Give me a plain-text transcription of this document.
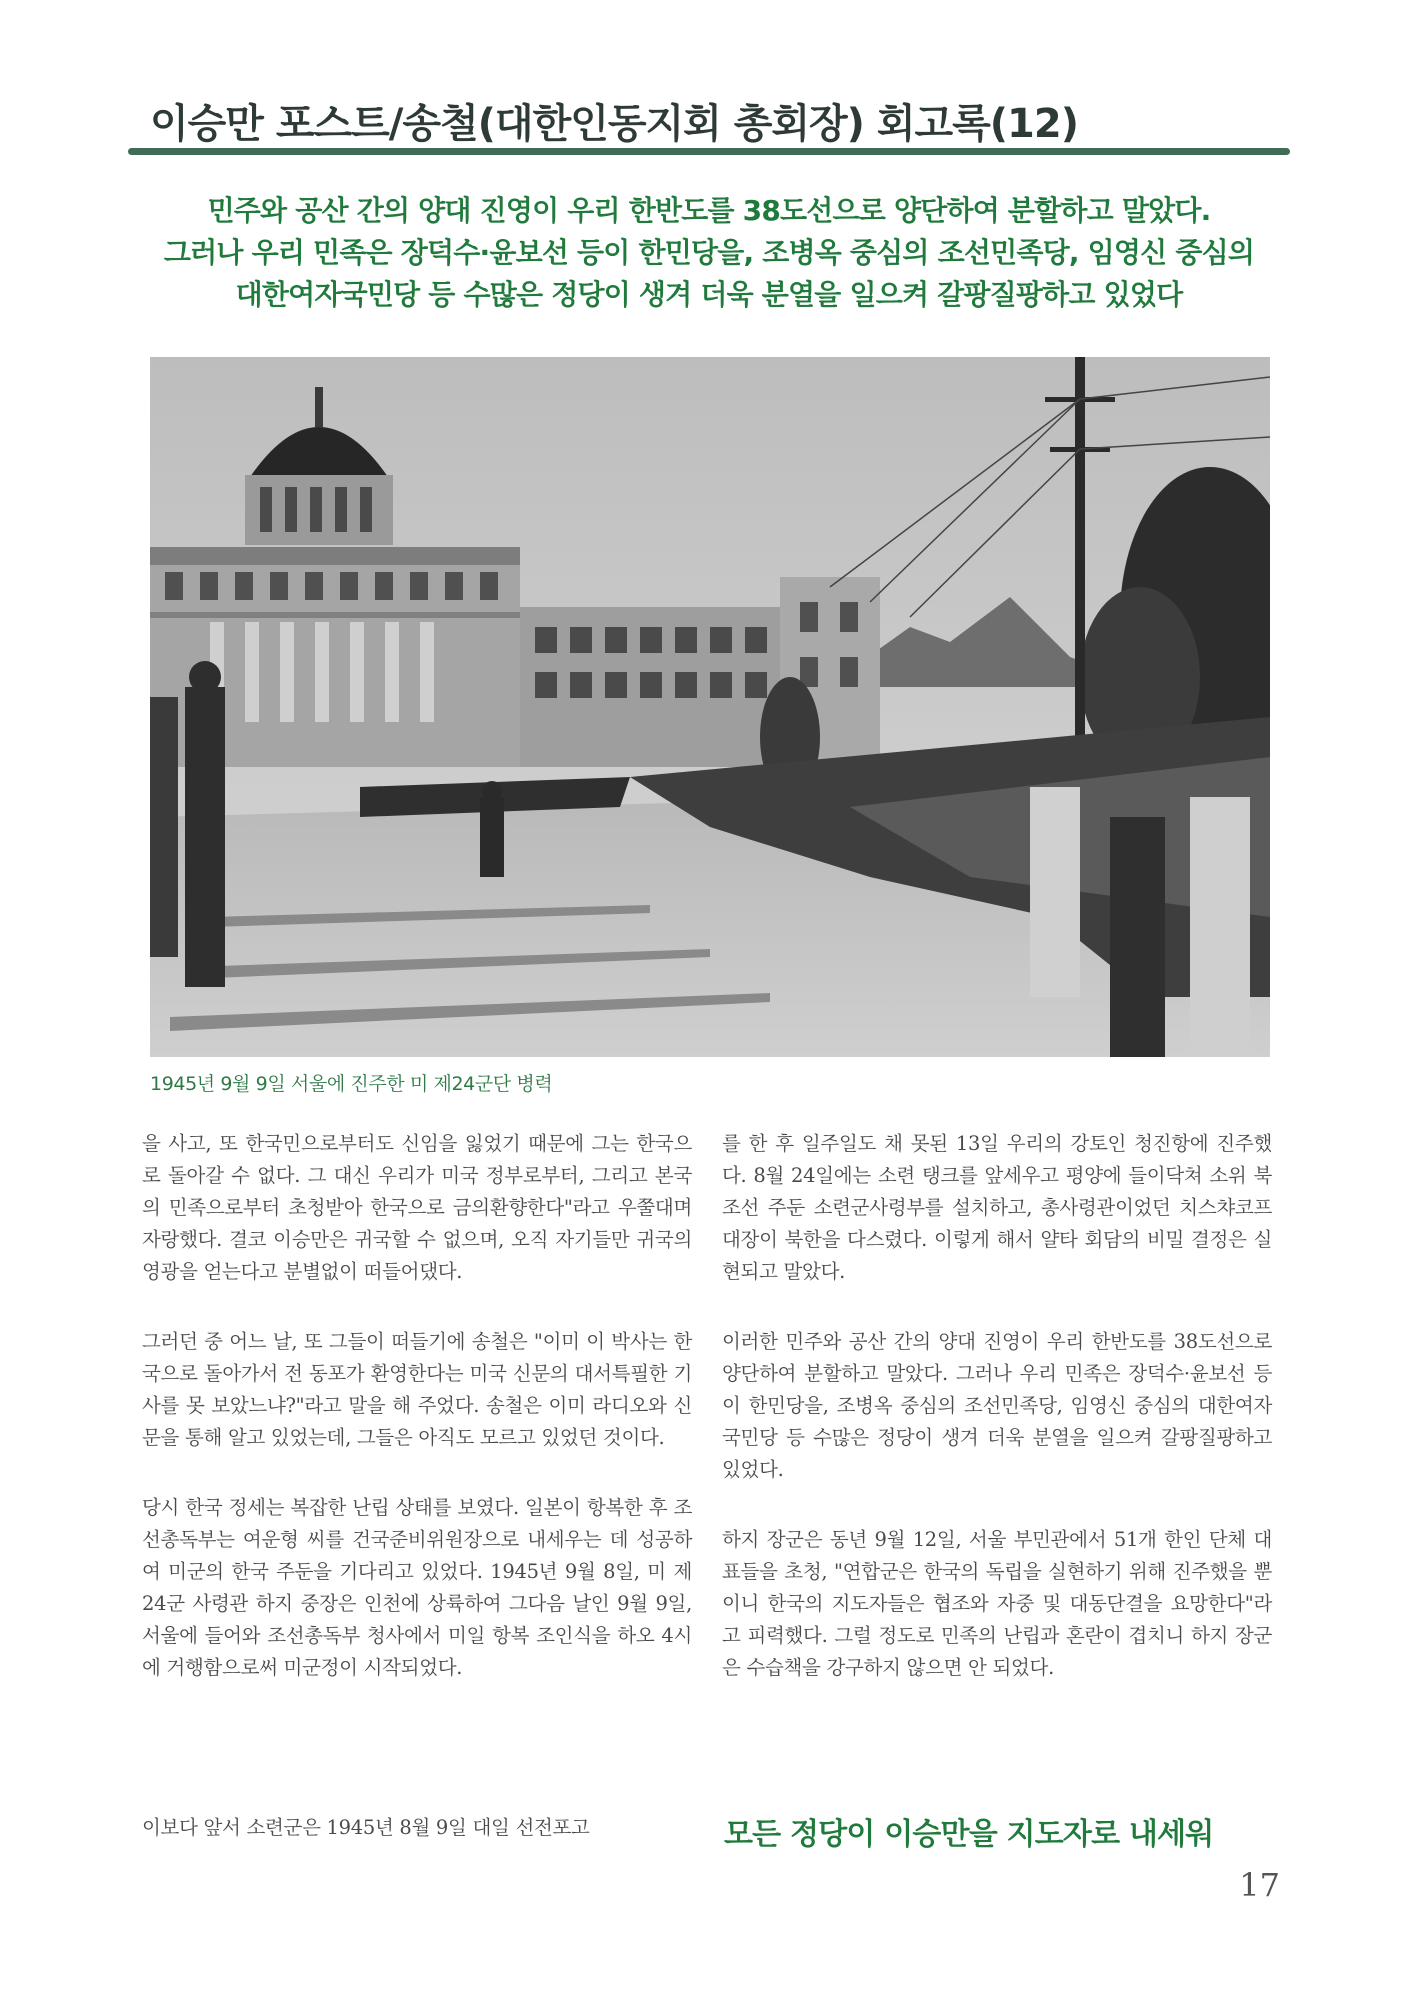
이승만 포스트/송철(대한인동지회 총회장) 회고록(12)
민주와 공산 간의 양대 진영이 우리 한반도를 38도선으로 양단하여 분할하고 말았다.
그러나 우리 민족은 장덕수·윤보선 등이 한민당을, 조병옥 중심의 조선민족당, 임영신 중심의
대한여자국민당 등 수많은 정당이 생겨 더욱 분열을 일으켜 갈팡질팡하고 있었다
1945년 9월 9일 서울에 진주한 미 제24군단 병력

을 사고, 또 한국민으로부터도 신임을 잃었기 때문에 그는 한국으로 돌아갈 수 없다. 그 대신 우리가 미국 정부로부터, 그리고 본국의 민족으로부터 초청받아 한국으로 금의환향한다"라고 우쭐대며 자랑했다. 결코 이승만은 귀국할 수 없으며, 오직 자기들만 귀국의 영광을 얻는다고 분별없이 떠들어댔다.

그러던 중 어느 날, 또 그들이 떠들기에 송철은 "이미 이 박사는 한국으로 돌아가서 전 동포가 환영한다는 미국 신문의 대서특필한 기사를 못 보았느냐?"라고 말을 해 주었다. 송철은 이미 라디오와 신문을 통해 알고 있었는데, 그들은 아직도 모르고 있었던 것이다.

당시 한국 정세는 복잡한 난립 상태를 보였다. 일본이 항복한 후 조선총독부는 여운형 씨를 건국준비위원장으로 내세우는 데 성공하여 미군의 한국 주둔을 기다리고 있었다. 1945년 9월 8일, 미 제24군 사령관 하지 중장은 인천에 상륙하여 그다음 날인 9월 9일, 서울에 들어와 조선총독부 청사에서 미일 항복 조인식을 하오 4시에 거행함으로써 미군정이 시작되었다.

이보다 앞서 소련군은 1945년 8월 9일 대일 선전포고

를 한 후 일주일도 채 못된 13일 우리의 강토인 청진항에 진주했다. 8월 24일에는 소련 탱크를 앞세우고 평양에 들이닥쳐 소위 북조선 주둔 소련군사령부를 설치하고, 총사령관이었던 치스챠코프 대장이 북한을 다스렸다. 이렇게 해서 얄타 회담의 비밀 결정은 실현되고 말았다.

이러한 민주와 공산 간의 양대 진영이 우리 한반도를 38도선으로 양단하여 분할하고 말았다. 그러나 우리 민족은 장덕수·윤보선 등이 한민당을, 조병옥 중심의 조선민족당, 임영신 중심의 대한여자국민당 등 수많은 정당이 생겨 더욱 분열을 일으켜 갈팡질팡하고 있었다.

하지 장군은 동년 9월 12일, 서울 부민관에서 51개 한인 단체 대표들을 초청, "연합군은 한국의 독립을 실현하기 위해 진주했을 뿐이니 한국의 지도자들은 협조와 자중 및 대동단결을 요망한다"라고 피력했다. 그럴 정도로 민족의 난립과 혼란이 겹치니 하지 장군은 수습책을 강구하지 않으면 안 되었다.

모든 정당이 이승만을 지도자로 내세워
17
